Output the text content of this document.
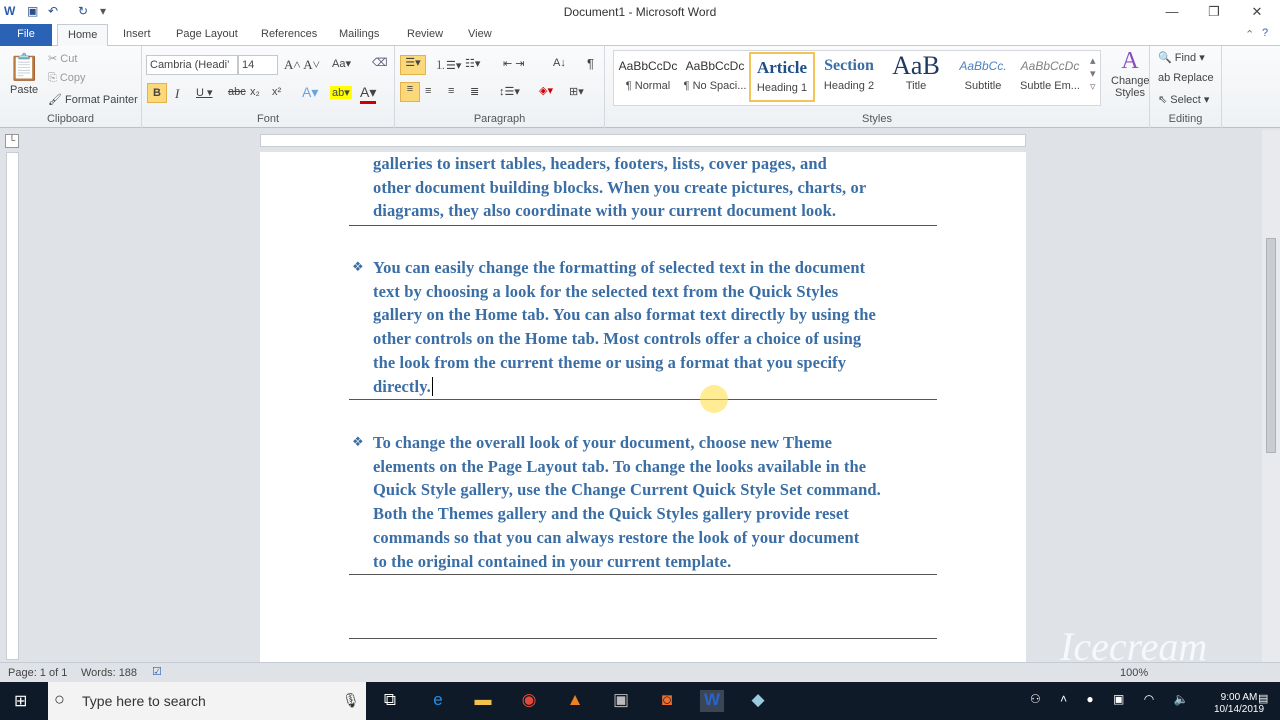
W ▣ ↶ ↻ ▾	Document1 - Microsoft Word	—	❐	✕
File	Home	Insert	Page Layout	References	Mailings	Review	View	⌃ ?
📋
Paste
✂ Cut
⎘ Copy
🖌 Format Painter
Clipboard
Cambria (Headi’	14	A˄ A˅ Aa▾ ⌫
B	I U ▾ abc x₂ x² A▾ ab▾ A▾
Font
☰▾	⒈☰▾ ☷▾ ⇤ ⇥	A↓ ¶
≡	≡ ≡ ≣ ↕☰▾ ◈▾ ⊞▾
Paragraph
AaBbCcDc
¶ Normal
AaBbCcDc
¶ No Spaci...
Article
Heading 1
Section
Heading 2
AaB
Title
AaBbCc.
Subtitle
AaBbCcDc
Subtle Em...
▴
▾
▿
A
Change Styles
Styles
🔍 Find ▾
ab Replace
⇖ Select ▾
Editing
└
galleries to insert tables, headers, footers, lists, cover pages, and
other document building blocks. When you create pictures, charts, or
diagrams, they also coordinate with your current document look.
❖ You can easily change the formatting of selected text in the document
text by choosing a look for the selected text from the Quick Styles
gallery on the Home tab. You can also format text directly by using the
other controls on the Home tab. Most controls offer a choice of using
the look from the current theme or using a format that you specify
directly.
❖ To change the overall look of your document, choose new Theme
elements on the Page Layout tab. To change the looks available in the
Quick Style gallery, use the Change Current Quick Style Set command.
Both the Themes gallery and the Quick Styles gallery provide reset
commands so that you can always restore the look of your document
to the original contained in your current template.
Page: 1 of 1 Words: 188 ☑	100%
Icecream
⊞	9:00 AM
10/14/2019
⚇ ˄ ● ▣ ◠ 🔈	▤
○ Type here to search	🎙	⧉	e	▬ ◉ ▲ ▣	◙	W	◆
